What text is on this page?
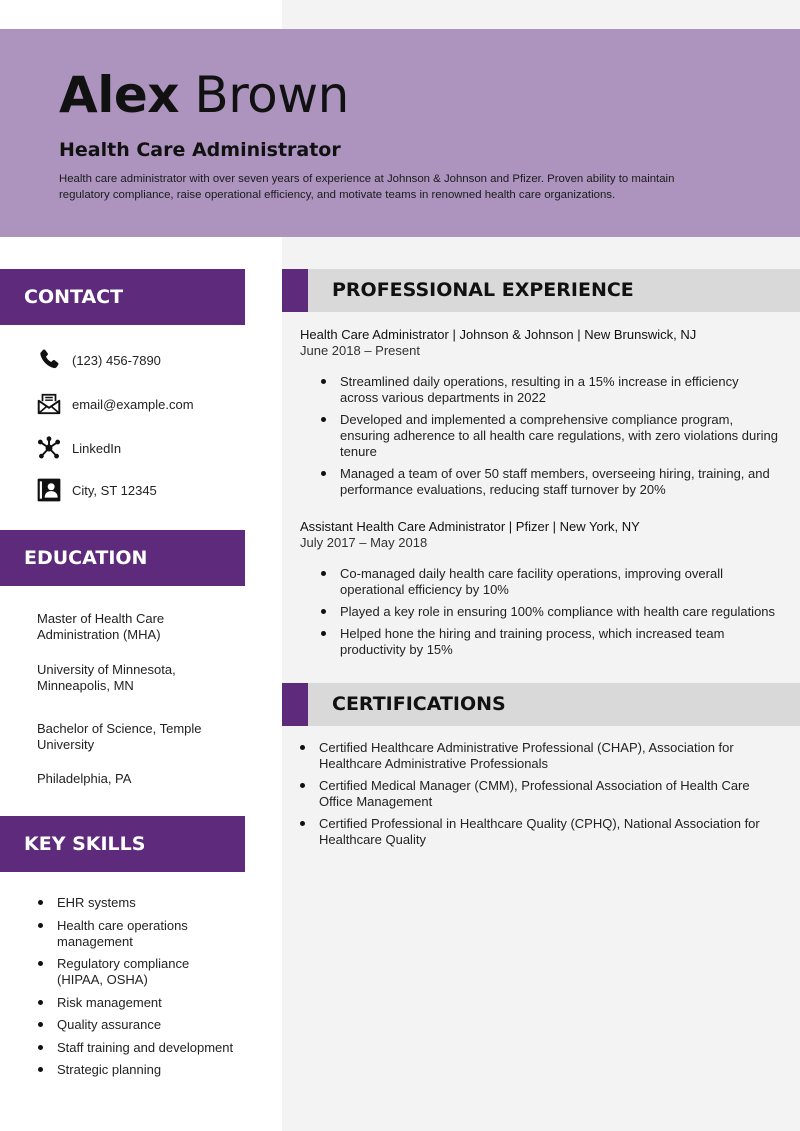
Alex Brown
Health Care Administrator
Health care administrator with over seven years of experience at Johnson & Johnson and Pfizer. Proven ability to maintain regulatory compliance, raise operational efficiency, and motivate teams in renowned health care organizations.
CONTACT
(123) 456-7890
email@example.com
LinkedIn
City, ST 12345
EDUCATION
Master of Health Care Administration (MHA)
University of Minnesota, Minneapolis, MN
Bachelor of Science, Temple University
Philadelphia, PA
KEY SKILLS
EHR systems
Health care operations management
Regulatory compliance (HIPAA, OSHA)
Risk management
Quality assurance
Staff training and development
Strategic planning
PROFESSIONAL EXPERIENCE
Health Care Administrator | Johnson & Johnson | New Brunswick, NJ
June 2018 – Present
Streamlined daily operations, resulting in a 15% increase in efficiency across various departments in 2022
Developed and implemented a comprehensive compliance program, ensuring adherence to all health care regulations, with zero violations during tenure
Managed a team of over 50 staff members, overseeing hiring, training, and performance evaluations, reducing staff turnover by 20%
Assistant Health Care Administrator | Pfizer | New York, NY
July 2017 – May 2018
Co-managed daily health care facility operations, improving overall operational efficiency by 10%
Played a key role in ensuring 100% compliance with health care regulations
Helped hone the hiring and training process, which increased team productivity by 15%
CERTIFICATIONS
Certified Healthcare Administrative Professional (CHAP), Association for Healthcare Administrative Professionals
Certified Medical Manager (CMM), Professional Association of Health Care Office Management
Certified Professional in Healthcare Quality (CPHQ), National Association for Healthcare Quality
